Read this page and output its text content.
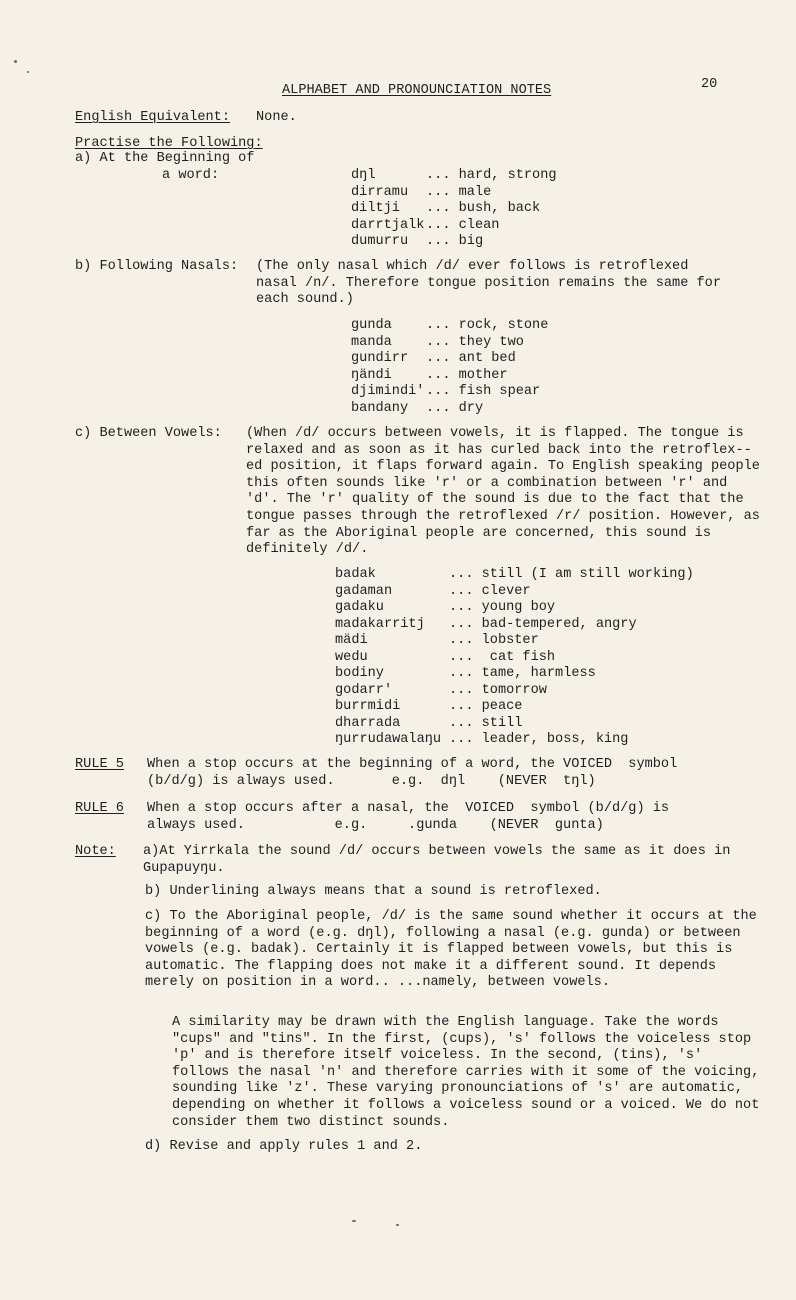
ALPHABET AND PRONOUNCIATION NOTES	20
English Equivalent: None.
Practise the Following:
a) At the Beginning of
a word:	dŋl	... hard, strong
dirramu ... male
diltji ... bush, back
darrtjalk ... clean
dumurru ... big
b) Following Nasals: (The only nasal which /d/ ever follows is retroflexed nasal /n/. Therefore tongue position remains the same for each sound.)
gunda	... rock, stone
manda	... they two
gundirr ... ant bed
ŋändi	... mother
djimindi' ... fish spear
bandany ... dry
c) Between Vowels: (When /d/ occurs between vowels, it is flapped. The tongue is relaxed and as soon as it has curled back into the retroflex--ed position, it flaps forward again. To English speaking people this often sounds like 'r' or a combination between 'r' and 'd'. The 'r' quality of the sound is due to the fact that the tongue passes through the retroflexed /r/ position. However, as far as the Aboriginal people are concerned, this sound is definitely /d/.
badak	... still (I am still working)
gadaman	... clever
gadaku	... young boy
madakarritj ... bad-tempered, angry
mädi	... lobster
wedu	...  cat fish
bodiny	... tame, harmless
godarr'	... tomorrow
burrmidi	... peace
dharrada	... still
ŋurrudawalaŋu ... leader, boss, king
RULE 5 When a stop occurs at the beginning of a word, the VOICED  symbol
(b/d/g) is always used.       e.g.  dŋl    (NEVER  tŋl)
RULE 6 When a stop occurs after a nasal, the  VOICED  symbol (b/d/g) is
always used.           e.g.     .gunda    (NEVER  gunta)
Note: a)At Yirrkala the sound /d/ occurs between vowels the same as it does in Gupapuyŋu.
b) Underlining always means that a sound is retroflexed.
c) To the Aboriginal people, /d/ is the same sound whether it occurs at the beginning of a word (e.g. dŋl), following a nasal (e.g. gunda) or between vowels (e.g. badak). Certainly it is flapped between vowels, but this is automatic. The flapping does not make it a different sound. It depends merely on position in a word.. ...namely, between vowels.
A similarity may be drawn with the English language. Take the words "cups" and "tins". In the first, (cups), 's' follows the voiceless stop 'p' and is therefore itself voiceless. In the second, (tins), 's' follows the nasal 'n' and therefore carries with it some of the voicing, sounding like 'z'. These varying pronounciations of 's' are automatic, depending on whether it follows a voiceless sound or a voiced. We do not consider them two distinct sounds.
d) Revise and apply rules 1 and 2.
